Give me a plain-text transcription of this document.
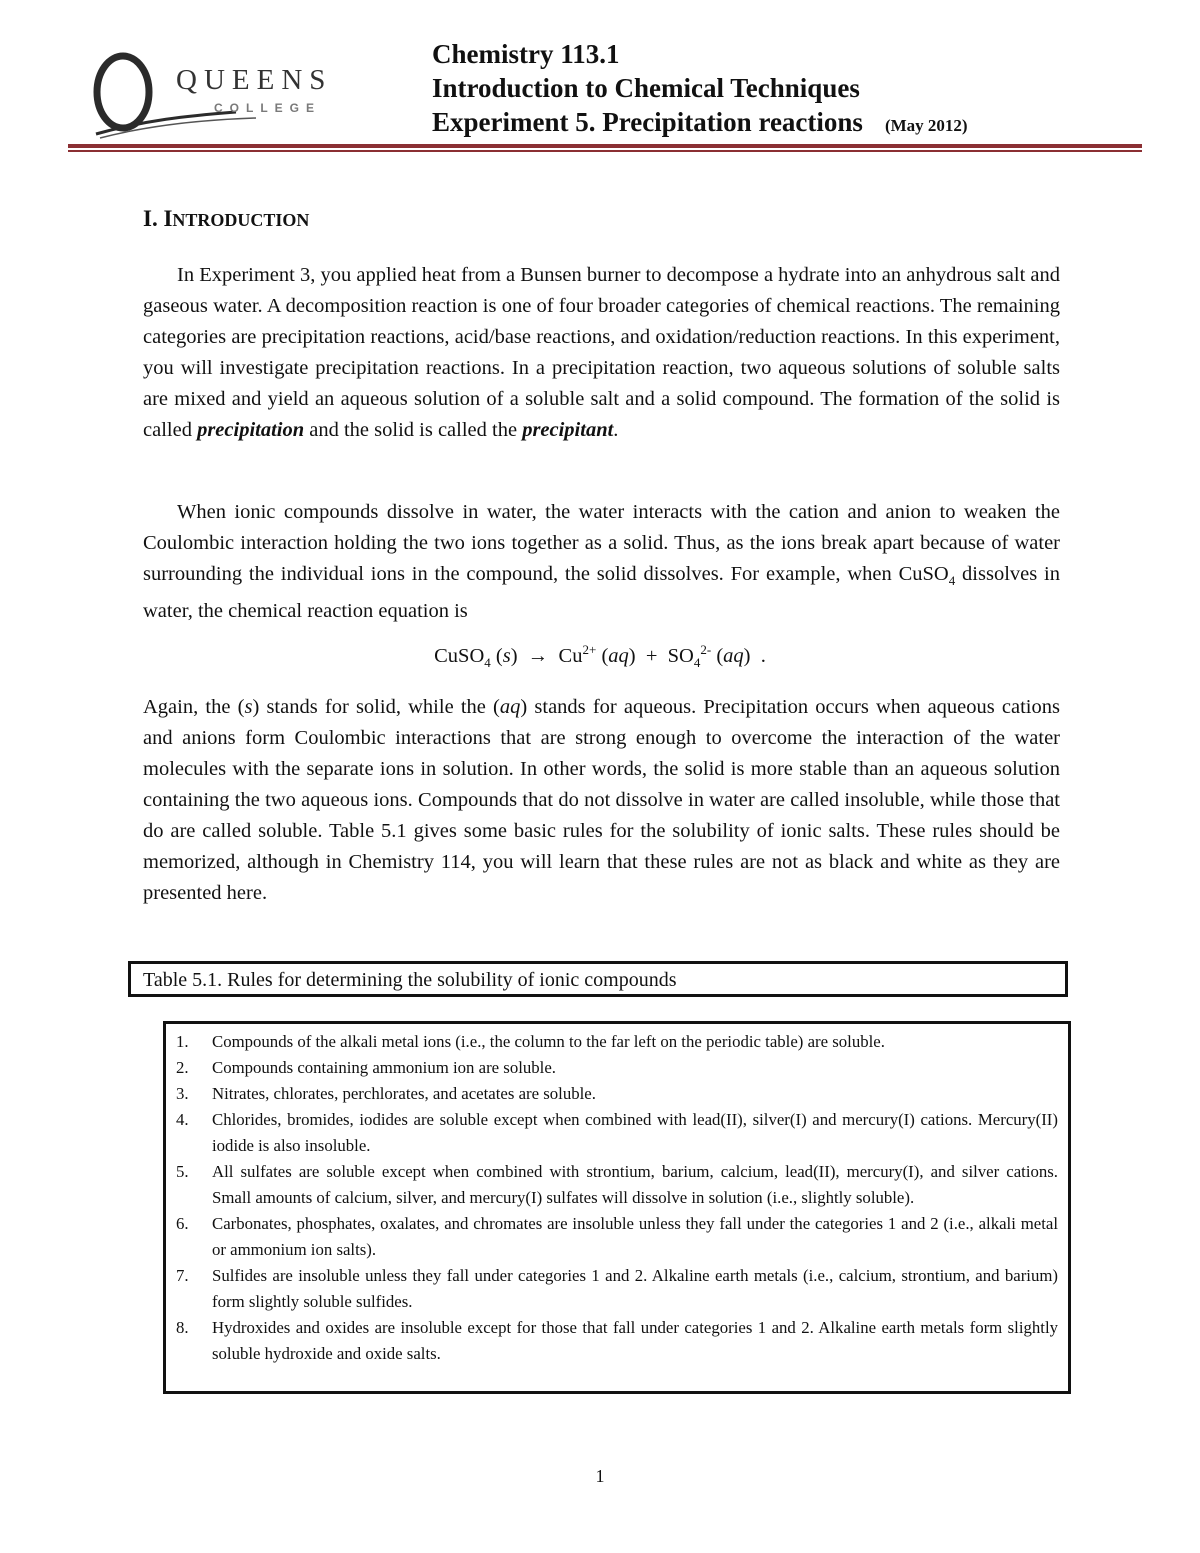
QUEENS
COLLEGE
Chemistry 113.1
Introduction to Chemical Techniques
Experiment 5. Precipitation reactions (May 2012)
I. INTRODUCTION

In Experiment 3, you applied heat from a Bunsen burner to decompose a hydrate into an anhydrous salt and gaseous water. A decomposition reaction is one of four broader categories of chemical reactions. The remaining categories are precipitation reactions, acid/base reactions, and oxidation/reduction reactions. In this experiment, you will investigate precipitation reactions. In a precipitation reaction, two aqueous solutions of soluble salts are mixed and yield an aqueous solution of a soluble salt and a solid compound. The formation of the solid is called precipitation and the solid is called the precipitant.

When ionic compounds dissolve in water, the water interacts with the cation and anion to weaken the Coulombic interaction holding the two ions together as a solid. Thus, as the ions break apart because of water surrounding the individual ions in the compound, the solid dissolves. For example, when CuSO$_4$ dissolves in water, the chemical reaction equation is

CuSO$_4$ $(s) \to Cu^{2+}$ $(aq) + SO_4^{2-}$ (aq)  .

Again, the (s) stands for solid, while the (aq) stands for aqueous. Precipitation occurs when aqueous cations and anions form Coulombic interactions that are strong enough to overcome the interaction of the water molecules with the separate ions in solution. In other words, the solid is more stable than an aqueous solution containing the two aqueous ions. Compounds that do not dissolve in water are called insoluble, while those that do are called soluble. Table 5.1 gives some basic rules for the solubility of ionic salts. These rules should be memorized, although in Chemistry 114, you will learn that these rules are not as black and white as they are presented here.

Table 5.1. Rules for determining the solubility of ionic compounds
1.	Compounds of the alkali metal ions (i.e., the column to the far left on the periodic table) are soluble.
2.	Compounds containing ammonium ion are soluble.
3.	Nitrates, chlorates, perchlorates, and acetates are soluble.
4.	Chlorides, bromides, iodides are soluble except when combined with lead(II), silver(I) and mercury(I) cations. Mercury(II) iodide is also insoluble.
5.	All sulfates are soluble except when combined with strontium, barium, calcium, lead(II), mercury(I), and silver cations. Small amounts of calcium, silver, and mercury(I) sulfates will dissolve in solution (i.e., slightly soluble).
6.	Carbonates, phosphates, oxalates, and chromates are insoluble unless they fall under the categories 1 and 2 (i.e., alkali metal or ammonium ion salts).
7.	Sulfides are insoluble unless they fall under categories 1 and 2. Alkaline earth metals (i.e., calcium, strontium, and barium) form slightly soluble sulfides.
8.	Hydroxides and oxides are insoluble except for those that fall under categories 1 and 2. Alkaline earth metals form slightly soluble hydroxide and oxide salts.
1
